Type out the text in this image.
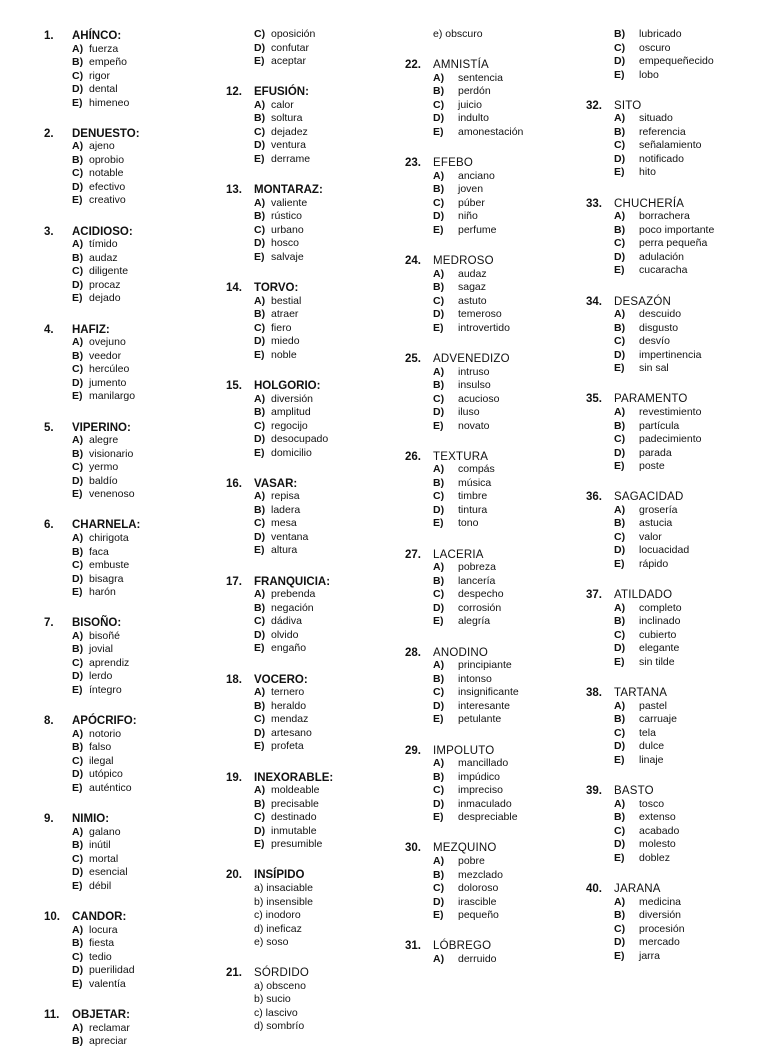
1. AHÍNCO:
A) fuerza
B) empeño
C) rigor
D) dental
E) himeneo
2. DENUESTO:
A) ajeno
B) oprobio
C) notable
D) efectivo
E) creativo
3. ACIDIOSO:
A) tímido
B) audaz
C) diligente
D) procaz
E) dejado
4. HAFIZ:
A) ovejuno
B) veedor
C) hercúleo
D) jumento
E) manilargo
5. VIPERINO:
A) alegre
B) visionario
C) yermo
D) baldío
E) venenoso
6. CHARNELA:
A) chirigota
B) faca
C) embuste
D) bisagra
E) harón
7. BISOÑO:
A) bisoñé
B) jovial
C) aprendiz
D) lerdo
E) íntegro
8. APÓCRIFO:
A) notorio
B) falso
C) ilegal
D) utópico
E) auténtico
9. NIMIO:
A) galano
B) inútil
C) mortal
D) esencial
E) débil
10. CANDOR:
A) locura
B) fiesta
C) tedio
D) puerilidad
E) valentía
11. OBJETAR:
A) reclamar
B) apreciar
C) oposición
D) confutar
E) aceptar
12. EFUSIÓN:
A) calor
B) soltura
C) dejadez
D) ventura
E) derrame
13. MONTARAZ:
A) valiente
B) rústico
C) urbano
D) hosco
E) salvaje
14. TORVO:
A) bestial
B) atraer
C) fiero
D) miedo
E) noble
15. HOLGORIO:
A) diversión
B) amplitud
C) regocijo
D) desocupado
E) domicilio
16. VASAR:
A) repisa
B) ladera
C) mesa
D) ventana
E) altura
17. FRANQUICIA:
A) prebenda
B) negación
C) dádiva
D) olvido
E) engaño
18. VOCERO:
A) ternero
B) heraldo
C) mendaz
D) artesano
E) profeta
19. INEXORABLE:
A) moldeable
B) precisable
C) destinado
D) inmutable
E) presumible
20. INSÍPIDO
a) insaciable
b) insensible
c) inodoro
d) ineficaz
e) soso
21. SÓRDIDO
a) obsceno
b) sucio
c) lascivo
d) sombrío
e) obscuro
22. AMNISTÍA
A) sentencia
B) perdón
C) juicio
D) indulto
E) amonestación
23. EFEBO
A) anciano
B) joven
C) púber
D) niño
E) perfume
24. MEDROSO
A) audaz
B) sagaz
C) astuto
D) temeroso
E) introvertido
25. ADVENEDIZO
A) intruso
B) insulso
C) acucioso
D) iluso
E) novato
26. TEXTURA
A) compás
B) música
C) timbre
D) tintura
E) tono
27. LACERIA
A) pobreza
B) lancería
C) despecho
D) corrosión
E) alegría
28. ANODINO
A) principiante
B) intonso
C) insignificante
D) interesante
E) petulante
29. IMPOLUTO
A) mancillado
B) impúdico
C) impreciso
D) inmaculado
E) despreciable
30. MEZQUINO
A) pobre
B) mezclado
C) doloroso
D) irascible
E) pequeño
31. LÓBREGO
A) derruido
B) lubricado
C) oscuro
D) empequeñecido
E) lobo
32. SITO
A) situado
B) referencia
C) señalamiento
D) notificado
E) hito
33. CHUCHERÍA
A) borrachera
B) poco importante
C) perra pequeña
D) adulación
E) cucaracha
34. DESAZÓN
A) descuido
B) disgusto
C) desvío
D) impertinencia
E) sin sal
35. PARAMENTO
A) revestimiento
B) partícula
C) padecimiento
D) parada
E) poste
36. SAGACIDAD
A) grosería
B) astucia
C) valor
D) locuacidad
E) rápido
37. ATILDADO
A) completo
B) inclinado
C) cubierto
D) elegante
E) sin tilde
38. TARTANA
A) pastel
B) carruaje
C) tela
D) dulce
E) linaje
39. BASTO
A) tosco
B) extenso
C) acabado
D) molesto
E) doblez
40. JARANA
A) medicina
B) diversión
C) procesión
D) mercado
E) jarra
